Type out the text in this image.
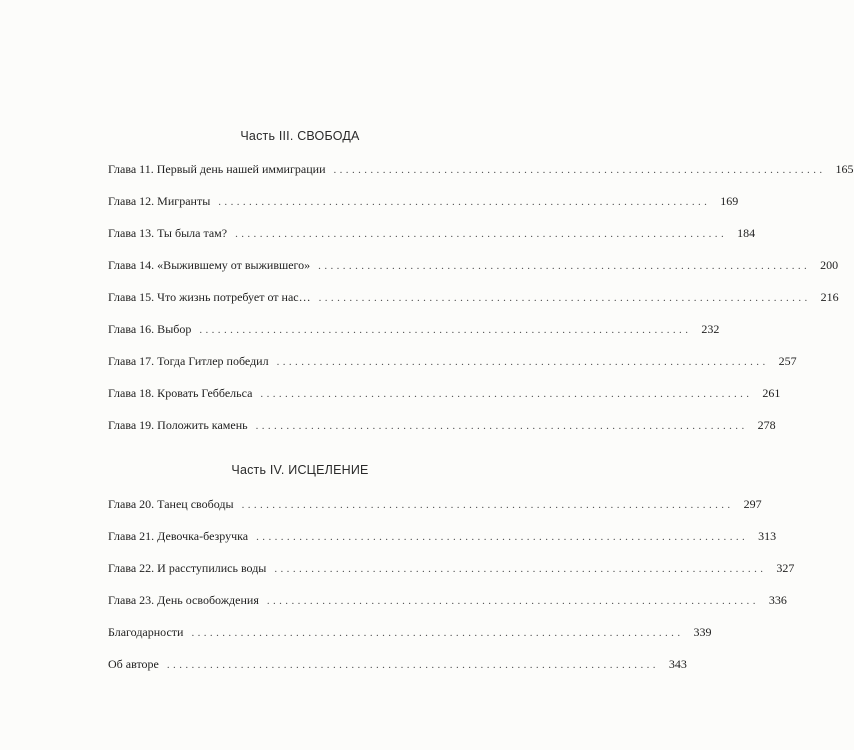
Часть III. СВОБОДА
Глава 11. Первый день нашей иммиграции ................................................................................ 165
Глава 12. Мигранты ................................................................................ 169
Глава 13. Ты была там? ................................................................................ 184
Глава 14. «Выжившему от выжившего» ................................................................................ 200
Глава 15. Что жизнь потребует от нас… ................................................................................ 216
Глава 16. Выбор ................................................................................ 232
Глава 17. Тогда Гитлер победил ................................................................................ 257
Глава 18. Кровать Геббельса ................................................................................ 261
Глава 19. Положить камень ................................................................................ 278
Часть IV. ИСЦЕЛЕНИЕ
Глава 20. Танец свободы ................................................................................ 297
Глава 21. Девочка-безручка ................................................................................ 313
Глава 22. И расступились воды ................................................................................ 327
Глава 23. День освобождения ................................................................................ 336
Благодарности ................................................................................ 339
Об авторе ................................................................................ 343
